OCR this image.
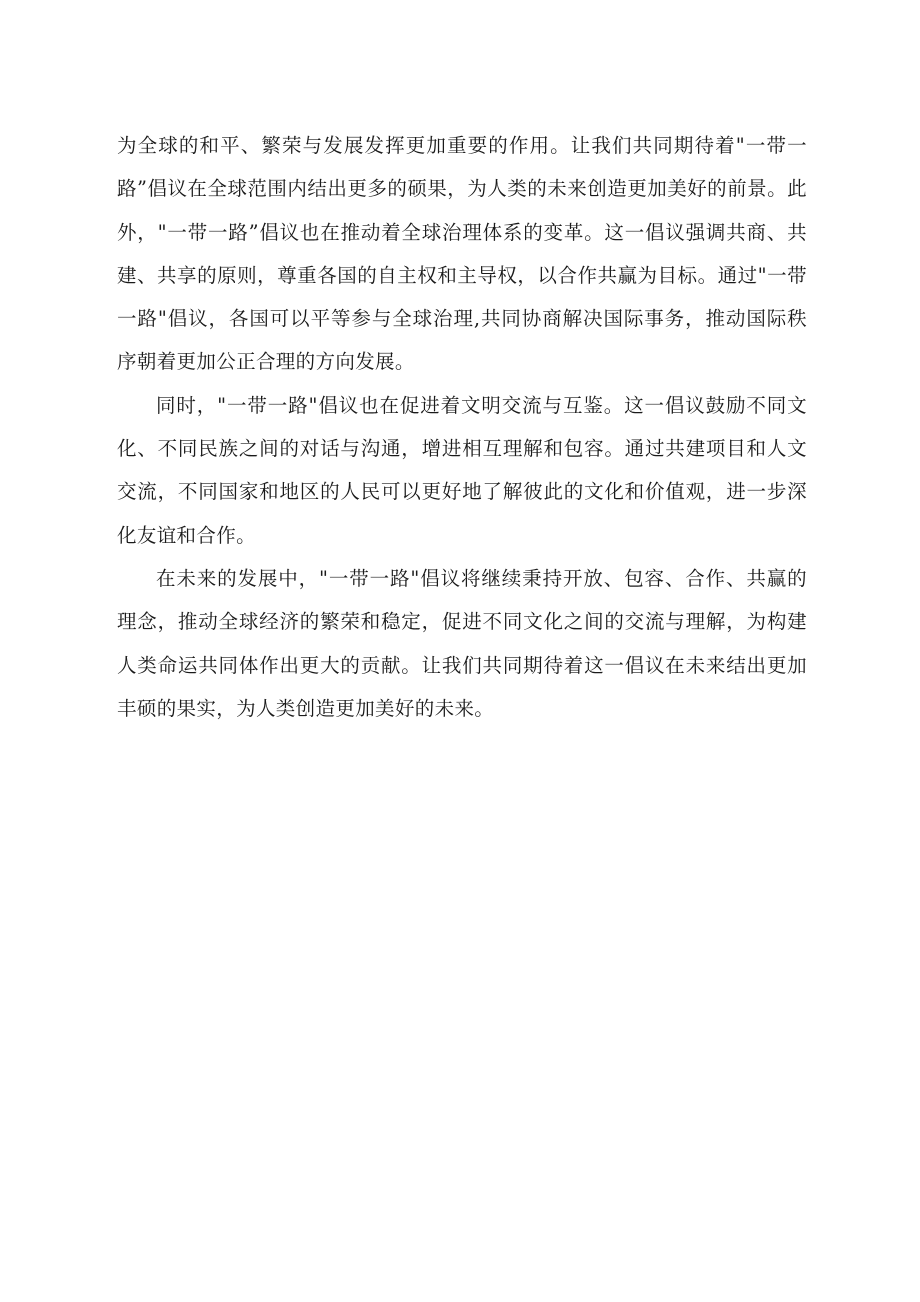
为全球的和平、繁荣与发展发挥更加重要的作用。让我们共同期待着"一带一路”倡议在全球范围内结出更多的硕果，为人类的未来创造更加美好的前景。此外，"一带一路”倡议也在推动着全球治理体系的变革。这一倡议强调共商、共建、共享的原则，尊重各国的自主权和主导权，以合作共赢为目标。通过"一带一路"倡议，各国可以平等参与全球治理,共同协商解决国际事务，推动国际秩序朝着更加公正合理的方向发展。

同时，"一带一路"倡议也在促进着文明交流与互鉴。这一倡议鼓励不同文化、不同民族之间的对话与沟通，增进相互理解和包容。通过共建项目和人文交流，不同国家和地区的人民可以更好地了解彼此的文化和价值观，进一步深化友谊和合作。

在未来的发展中，"一带一路"倡议将继续秉持开放、包容、合作、共赢的理念，推动全球经济的繁荣和稳定，促进不同文化之间的交流与理解，为构建人类命运共同体作出更大的贡献。让我们共同期待着这一倡议在未来结出更加丰硕的果实，为人类创造更加美好的未来。
